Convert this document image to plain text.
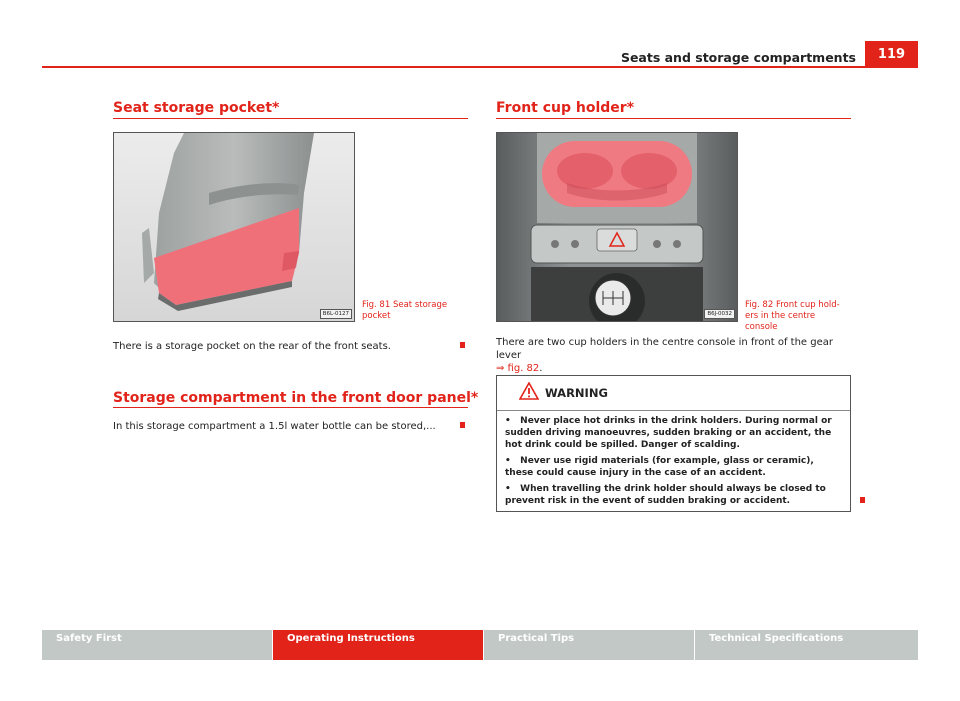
Seats and storage compartments	119
Seat storage pocket*
B6L-0127
Fig. 81 Seat storage pocket
There is a storage pocket on the rear of the front seats.
Storage compartment in the front door panel*
In this storage compartment a 1.5l water bottle can be stored,...
Front cup holder*
B6J-0032
Fig. 82 Front cup hold-ers in the centre console
There are two cup holders in the centre console in front of the gear lever
⇒ fig. 82.
WARNING
•   Never place hot drinks in the drink holders. During normal or sudden driving manoeuvres, sudden braking or an accident, the hot drink could be spilled. Danger of scalding.
•   Never use rigid materials (for example, glass or ceramic), these could cause injury in the case of an accident.
•   When travelling the drink holder should always be closed to prevent risk in the event of sudden braking or accident.
Safety First	Operating Instructions	Practical Tips	Technical Specifications
